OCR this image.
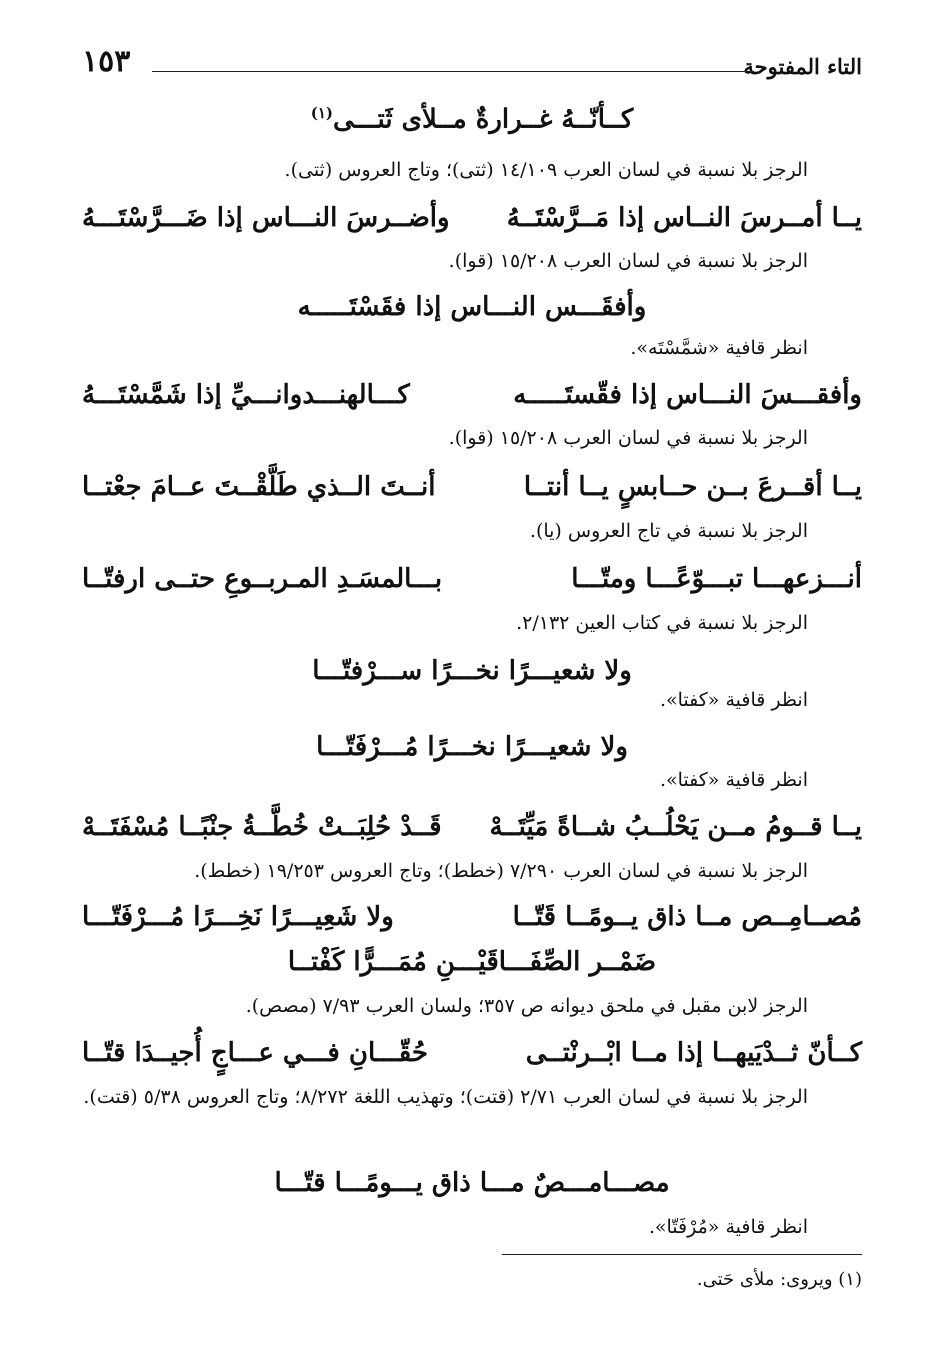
التاء المفتوحة
١٥٣
كــأنّــهُ غــرارةٌ مــلأى ثَتـــى$^{(١)}$
الرجز بلا نسبة في لسان العرب ١٤/١٠٩ (ثتى)؛ وتاج العروس (ثتى).
يــا أمــرسَ النــاس إذا مَــرَّسْتَــهُ
وأضــرسَ النـــاس إذا ضَـــرَّسْتَـــهُ
الرجز بلا نسبة في لسان العرب ١٥/٢٠٨ (قوا).
وأفقَـــس النـــاس إذا فقَسْتَـــــه
انظر قافية «شمَّسْتَه».
وأفقـــسَ النـــاس إذا فقّستَـــــه
كـــالهنـــدوانـــيِّ إذا شَمَّسْتَـــهُ
الرجز بلا نسبة في لسان العرب ١٥/٢٠٨ (قوا).
يــا أقــرعَ بــن حــابسٍ يــا أنتــا
أنــتَ الــذي طَلَّقْــتَ عــامَ جعْتــا
الرجز بلا نسبة في تاج العروس (يا).
أنـــزعهـــا تبـــوّعًـــا ومتّـــا
بـــالمسَـدِ المـربــوعِ حتــى ارفتّــا
الرجز بلا نسبة في كتاب العين ٢/١٣٢.
ولا شعيـــرًا نخـــرًا ســـرْفتّـــا
انظر قافية «كفتا».
ولا شعيـــرًا نخـــرًا مُـــرْفَتّـــا
انظر قافية «كفتا».
يــا قــومُ مــن يَحْلُــبُ شــاةً مَيِّتَــهْ
قَــدْ حُلِبَــتْ خُطَّــةُ جنْبًــا مُسْفَتَــهْ
الرجز بلا نسبة في لسان العرب ٧/٢٩٠ (خطط)؛ وتاج العروس ١٩/٢٥٣ (خطط).
مُصــامِــص مــا ذاق يــومًــا قَتّــا
ولا شَعِيـــرًا نَخِـــرًا مُـــرْفَتّـــا
ضَمْــر الصِّفَـــاقَيْـــنِ مُمَـــرًّا كَفْتــا
الرجز لابن مقبل في ملحق ديوانه ص ٣٥٧؛ ولسان العرب ٧/٩٣ (مصص).
كــأنّ ثــدْيَيهــا إذا مــا ابْــرنْتــى
حُقّـــانِ فـــي عـــاجٍ أُجيــدَا قتّــا
الرجز بلا نسبة في لسان العرب ٢/٧١ (قتت)؛ وتهذيب اللغة ٨/٢٧٢؛ وتاج العروس ٥/٣٨ (قتت).
مصـــامـــصٌ مـــا ذاق يـــومًـــا قتّـــا
انظر قافية «مُرْفَتّا».
(١) ويروى: ملأى حَتى.
